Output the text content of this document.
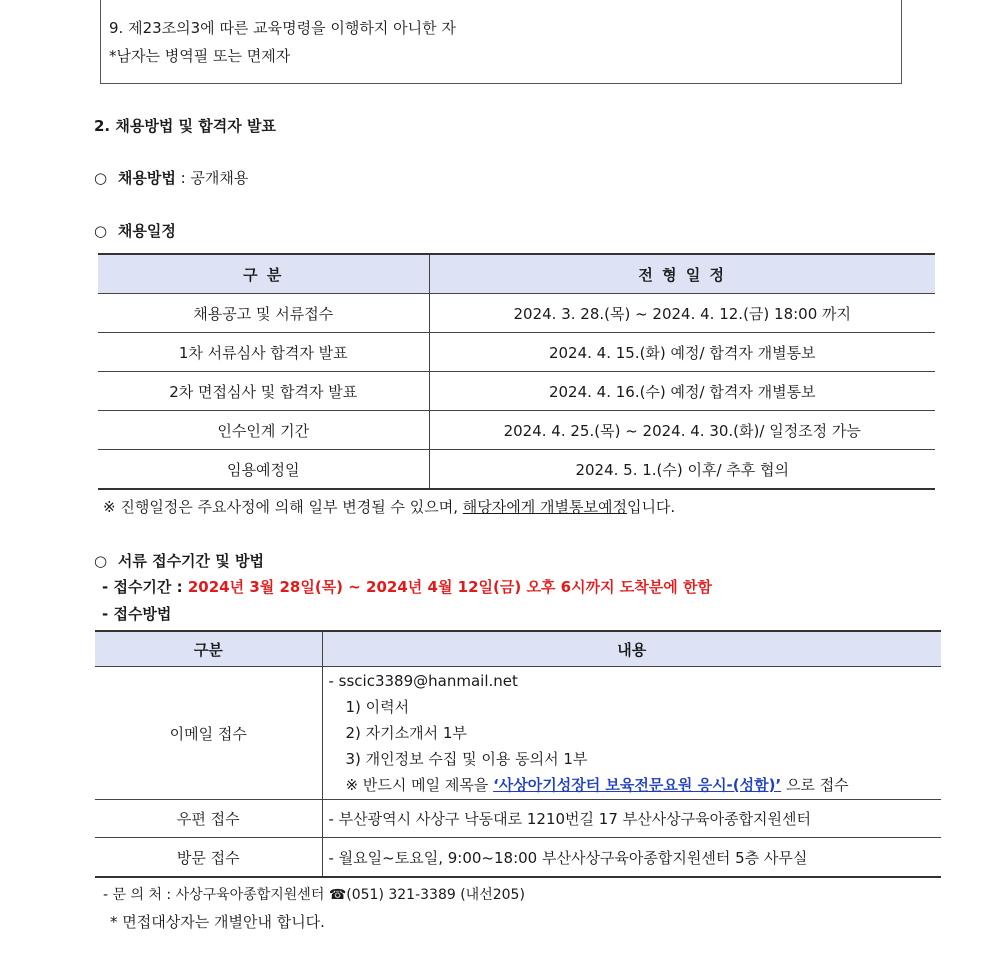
9. 제23조의3에 따른 교육명령을 이행하지 아니한 자
*남자는 병역필 또는 면제자
2. 채용방법 및 합격자 발표
○ 채용방법 : 공개채용
○ 채용일정
구 분	전 형 일 정
채용공고 및 서류접수	2024. 3. 28.(목) ~ 2024. 4. 12.(금) 18:00 까지
1차 서류심사 합격자 발표	2024. 4. 15.(화) 예정/ 합격자 개별통보
2차 면접심사 및 합격자 발표	2024. 4. 16.(수) 예정/ 합격자 개별통보
인수인계 기간	2024. 4. 25.(목) ~ 2024. 4. 30.(화)/ 일정조정 가능
임용예정일	2024. 5. 1.(수) 이후/ 추후 협의
※ 진행일정은 주요사정에 의해 일부 변경될 수 있으며, 해당자에게 개별통보예정입니다.
○ 서류 접수기간 및 방법
- 접수기간 : 2024년 3월 28일(목) ~ 2024년 4월 12일(금) 오후 6시까지 도착분에 한함
- 접수방법
구분	내용
이메일 접수	- sscic3389@hanmail.net
1) 이력서
2) 자기소개서 1부
3) 개인정보 수집 및 이용 동의서 1부
※ 반드시 메일 제목을 ‘사상아기성장터 보육전문요원 응시-(성함)’ 으로 접수

우편 접수	- 부산광역시 사상구 낙동대로 1210번길 17 부산사상구육아종합지원센터
방문 접수	- 월요일~토요일, 9:00~18:00 부산사상구육아종합지원센터 5층 사무실
- 문 의 처 : 사상구육아종합지원센터 ☎(051) 321-3389 (내선205)
* 면접대상자는 개별안내 합니다.
